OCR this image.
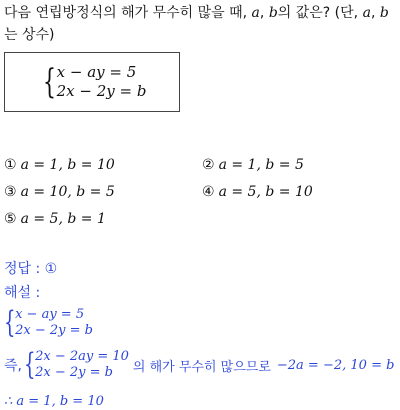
다음 연립방정식의 해가 무수히 많을 때, a, b의 값은? (단, a, b
는 상수)
{ x − ay = 5
2x − 2y = b
① a = 1, b = 10	② a = 1, b = 5
③ a = 10, b = 5	④ a = 5, b = 10
⑤ a = 5, b = 1
정답 : ①
해설 :
{ x − ay = 5
2x − 2y = b
즉, { 2x − 2ay = 10
2x − 2y = b	의 해가 무수히 많으므로 −2a = −2, 10 = b
∴ a = 1, b = 10
